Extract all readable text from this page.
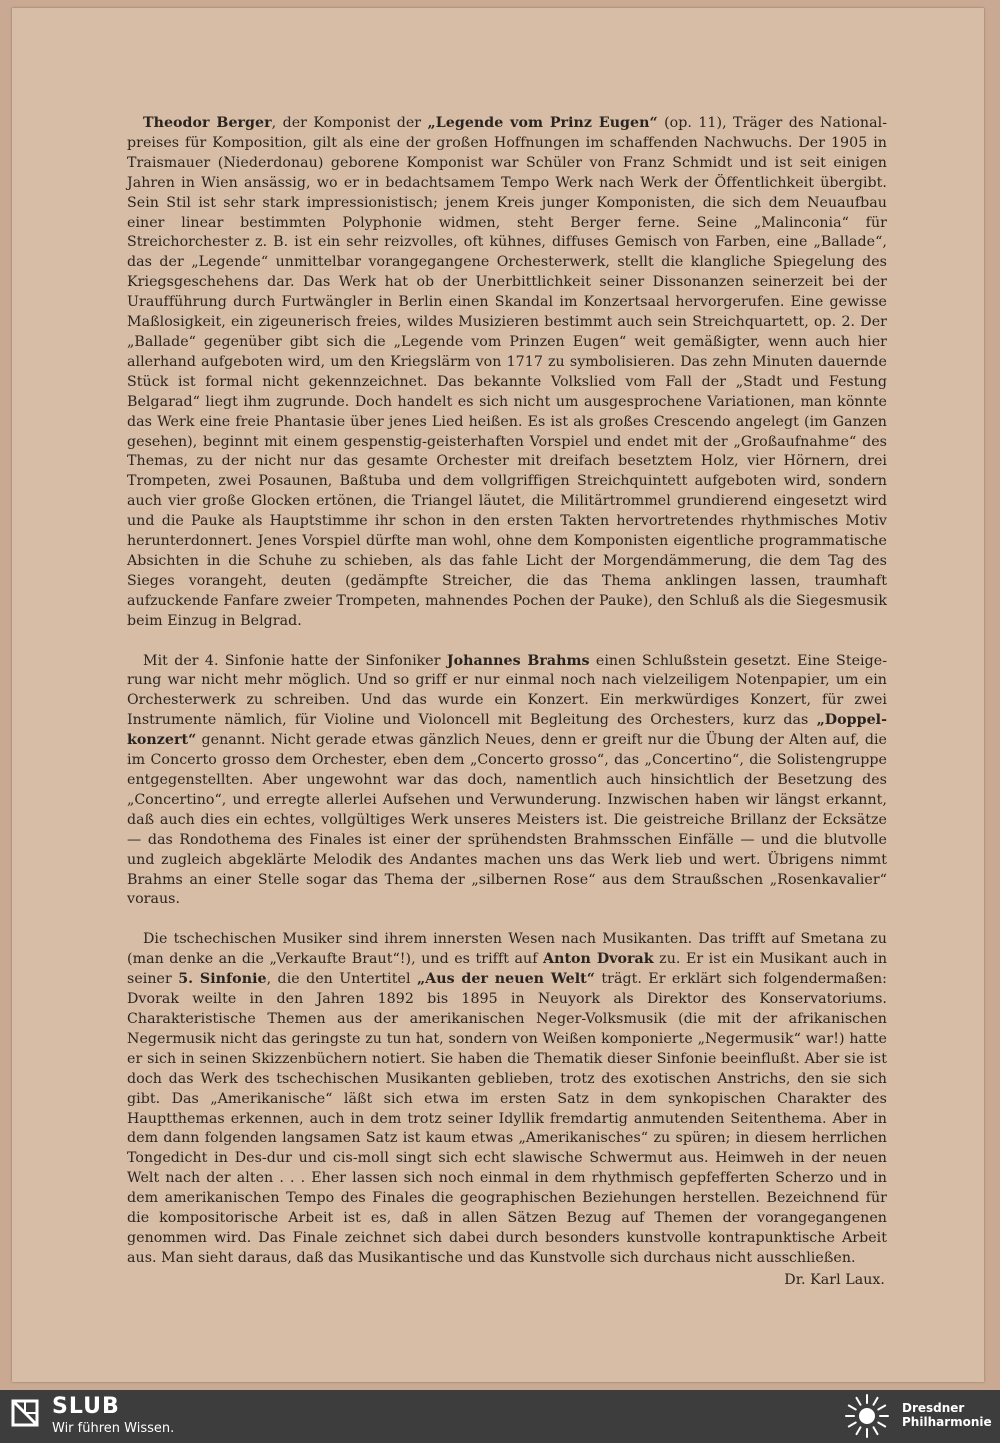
Theodor Berger, der Komponist der „Legende vom Prinz Eugen“ (op. 11), Träger des Nationalpreises für Komposition, gilt als eine der großen Hoffnungen im schaffenden Nachwuchs. Der 1905 in Traismauer (Niederdonau) geborene Komponist war Schüler von Franz Schmidt und ist seit einigen Jahren in Wien ansässig, wo er in bedachtsamem Tempo Werk nach Werk der Öffentlichkeit übergibt. Sein Stil ist sehr stark impressionistisch; jenem Kreis junger Komponisten, die sich dem Neuaufbau einer linear bestimmten Polyphonie widmen, steht Berger ferne. Seine „Malinconia“ für Streichorchester z. B. ist ein sehr reizvolles, oft kühnes, diffuses Gemisch von Farben, eine „Ballade“, das der „Legende“ unmittelbar vorangegangene Orchesterwerk, stellt die klangliche Spiegelung des Kriegsgeschehens dar. Das Werk hat ob der Unerbittlichkeit seiner Dissonanzen seinerzeit bei der Uraufführung durch Furtwängler in Berlin einen Skandal im Konzertsaal hervorgerufen. Eine gewisse Maßlosigkeit, ein zigeunerisch freies, wildes Musizieren bestimmt auch sein Streichquartett, op. 2. Der „Ballade“ gegenüber gibt sich die „Legende vom Prinzen Eugen“ weit gemäßigter, wenn auch hier allerhand aufgeboten wird, um den Kriegslärm von 1717 zu symbolisieren. Das zehn Minuten dauernde Stück ist formal nicht gekennzeichnet. Das bekannte Volkslied vom Fall der „Stadt und Festung Belgarad“ liegt ihm zugrunde. Doch handelt es sich nicht um ausgesprochene Variationen, man könnte das Werk eine freie Phantasie über jenes Lied heißen. Es ist als großes Crescendo angelegt (im Ganzen gesehen), beginnt mit einem gespenstig-geisterhaften Vorspiel und endet mit der „Großaufnahme“ des Themas, zu der nicht nur das gesamte Orchester mit dreifach besetztem Holz, vier Hörnern, drei Trompeten, zwei Posaunen, Baßtuba und dem vollgriffigen Streichquintett aufgeboten wird, sondern auch vier große Glocken ertönen, die Triangel läutet, die Militärtrommel grundierend eingesetzt wird und die Pauke als Hauptstimme ihr schon in den ersten Takten hervortretendes rhythmisches Motiv herunterdonnert. Jenes Vorspiel dürfte man wohl, ohne dem Komponisten eigentliche programmatische Absichten in die Schuhe zu schieben, als das fahle Licht der Morgendämmerung, die dem Tag des Sieges vorangeht, deuten (gedämpfte Streicher, die das Thema anklingen lassen, traumhaft aufzuckende Fanfare zweier Trompeten, mahnendes Pochen der Pauke), den Schluß als die Siegesmusik beim Einzug in Belgrad.

Mit der 4. Sinfonie hatte der Sinfoniker Johannes Brahms einen Schlußstein gesetzt. Eine Steigerung war nicht mehr möglich. Und so griff er nur einmal noch nach vielzeiligem Notenpapier, um ein Orchesterwerk zu schreiben. Und das wurde ein Konzert. Ein merkwürdiges Konzert, für zwei Instrumente nämlich, für Violine und Violoncell mit Begleitung des Orchesters, kurz das „Doppelkonzert“ genannt. Nicht gerade etwas gänzlich Neues, denn er greift nur die Übung der Alten auf, die im Concerto grosso dem Orchester, eben dem „Concerto grosso“, das „Concertino“, die Solistengruppe entgegenstellten. Aber ungewohnt war das doch, namentlich auch hinsichtlich der Besetzung des „Concertino“, und erregte allerlei Aufsehen und Verwunderung. Inzwischen haben wir längst erkannt, daß auch dies ein echtes, vollgültiges Werk unseres Meisters ist. Die geistreiche Brillanz der Ecksätze — das Rondothema des Finales ist einer der sprühendsten Brahmsschen Einfälle — und die blutvolle und zugleich abgeklärte Melodik des Andantes machen uns das Werk lieb und wert. Übrigens nimmt Brahms an einer Stelle sogar das Thema der „silbernen Rose“ aus dem Straußschen „Rosenkavalier“ voraus.

Die tschechischen Musiker sind ihrem innersten Wesen nach Musikanten. Das trifft auf Smetana zu (man denke an die „Verkaufte Braut“!), und es trifft auf Anton Dvorak zu. Er ist ein Musikant auch in seiner 5. Sinfonie, die den Untertitel „Aus der neuen Welt“ trägt. Er erklärt sich folgendermaßen: Dvorak weilte in den Jahren 1892 bis 1895 in Neuyork als Direktor des Konservatoriums. Charakteristische Themen aus der amerikanischen Neger-Volksmusik (die mit der afrikanischen Negermusik nicht das geringste zu tun hat, sondern von Weißen komponierte „Negermusik“ war!) hatte er sich in seinen Skizzenbüchern notiert. Sie haben die Thematik dieser Sinfonie beeinflußt. Aber sie ist doch das Werk des tschechischen Musikanten geblieben, trotz des exotischen Anstrichs, den sie sich gibt. Das „Amerikanische“ läßt sich etwa im ersten Satz in dem synkopischen Charakter des Hauptthemas erkennen, auch in dem trotz seiner Idyllik fremdartig anmutenden Seitenthema. Aber in dem dann folgenden langsamen Satz ist kaum etwas „Amerikanisches“ zu spüren; in diesem herrlichen Tongedicht in Des-dur und cis-moll singt sich echt slawische Schwermut aus. Heimweh in der neuen Welt nach der alten . . . Eher lassen sich noch einmal in dem rhythmisch gepfefferten Scherzo und in dem amerikanischen Tempo des Finales die geographischen Beziehungen herstellen. Bezeichnend für die kompositorische Arbeit ist es, daß in allen Sätzen Bezug auf Themen der vorangegangenen genommen wird. Das Finale zeichnet sich dabei durch besonders kunstvolle kontrapunktische Arbeit aus. Man sieht daraus, daß das Musikantische und das Kunstvolle sich durchaus nicht ausschließen.

Dr. Karl Laux.
SLUB
Wir führen Wissen.
Dresdner
Philharmonie
